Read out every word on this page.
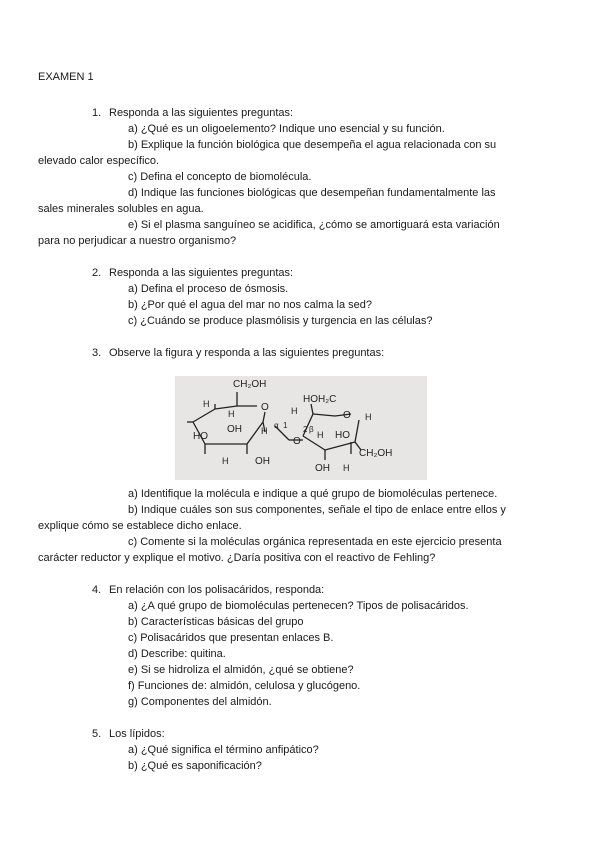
EXAMEN 1
1. Responda a las siguientes preguntas:
a) ¿Qué es un oligoelemento? Indique uno esencial y su función.
b) Explique la función biológica que desempeña el agua relacionada con su
elevado calor específico.
c) Defina el concepto de biomolécula.
d) Indique las funciones biológicas que desempeñan fundamentalmente las
sales minerales solubles en agua.
e) Si el plasma sanguíneo se acidifica, ¿cómo se amortiguará esta variación
para no perjudicar a nuestro organismo?
2. Responda a las siguientes preguntas:
a) Defina el proceso de ósmosis.
b) ¿Por qué el agua del mar no nos calma la sed?
c) ¿Cuándo se produce plasmólisis y turgencia en las células?
3. Observe la figura y responda a las siguientes preguntas:
CH₂OH
O
H
H	H
HO
OH H
H	OH
α 1
O
HOH₂C
O H
2 β
H HO
CH₂OH
OH H
a) Identifique la molécula e indique a qué grupo de biomoléculas pertenece.
b) Indique cuáles son sus componentes, señale el tipo de enlace entre ellos y
explique cómo se establece dicho enlace.
c) Comente si la moléculas orgánica representada en este ejercicio presenta
carácter reductor y explique el motivo. ¿Daría positiva con el reactivo de Fehling?
4. En relación con los polisacáridos, responda:
a) ¿A qué grupo de biomoléculas pertenecen? Tipos de polisacáridos.
b) Características básicas del grupo
c) Polisacáridos que presentan enlaces B.
d) Describe: quitina.
e) Si se hidroliza el almidón, ¿qué se obtiene?
f) Funciones de: almidón, celulosa y glucógeno.
g) Componentes del almidón.
5. Los lípidos:
a) ¿Qué significa el término anfipático?
b) ¿Qué es saponificación?
